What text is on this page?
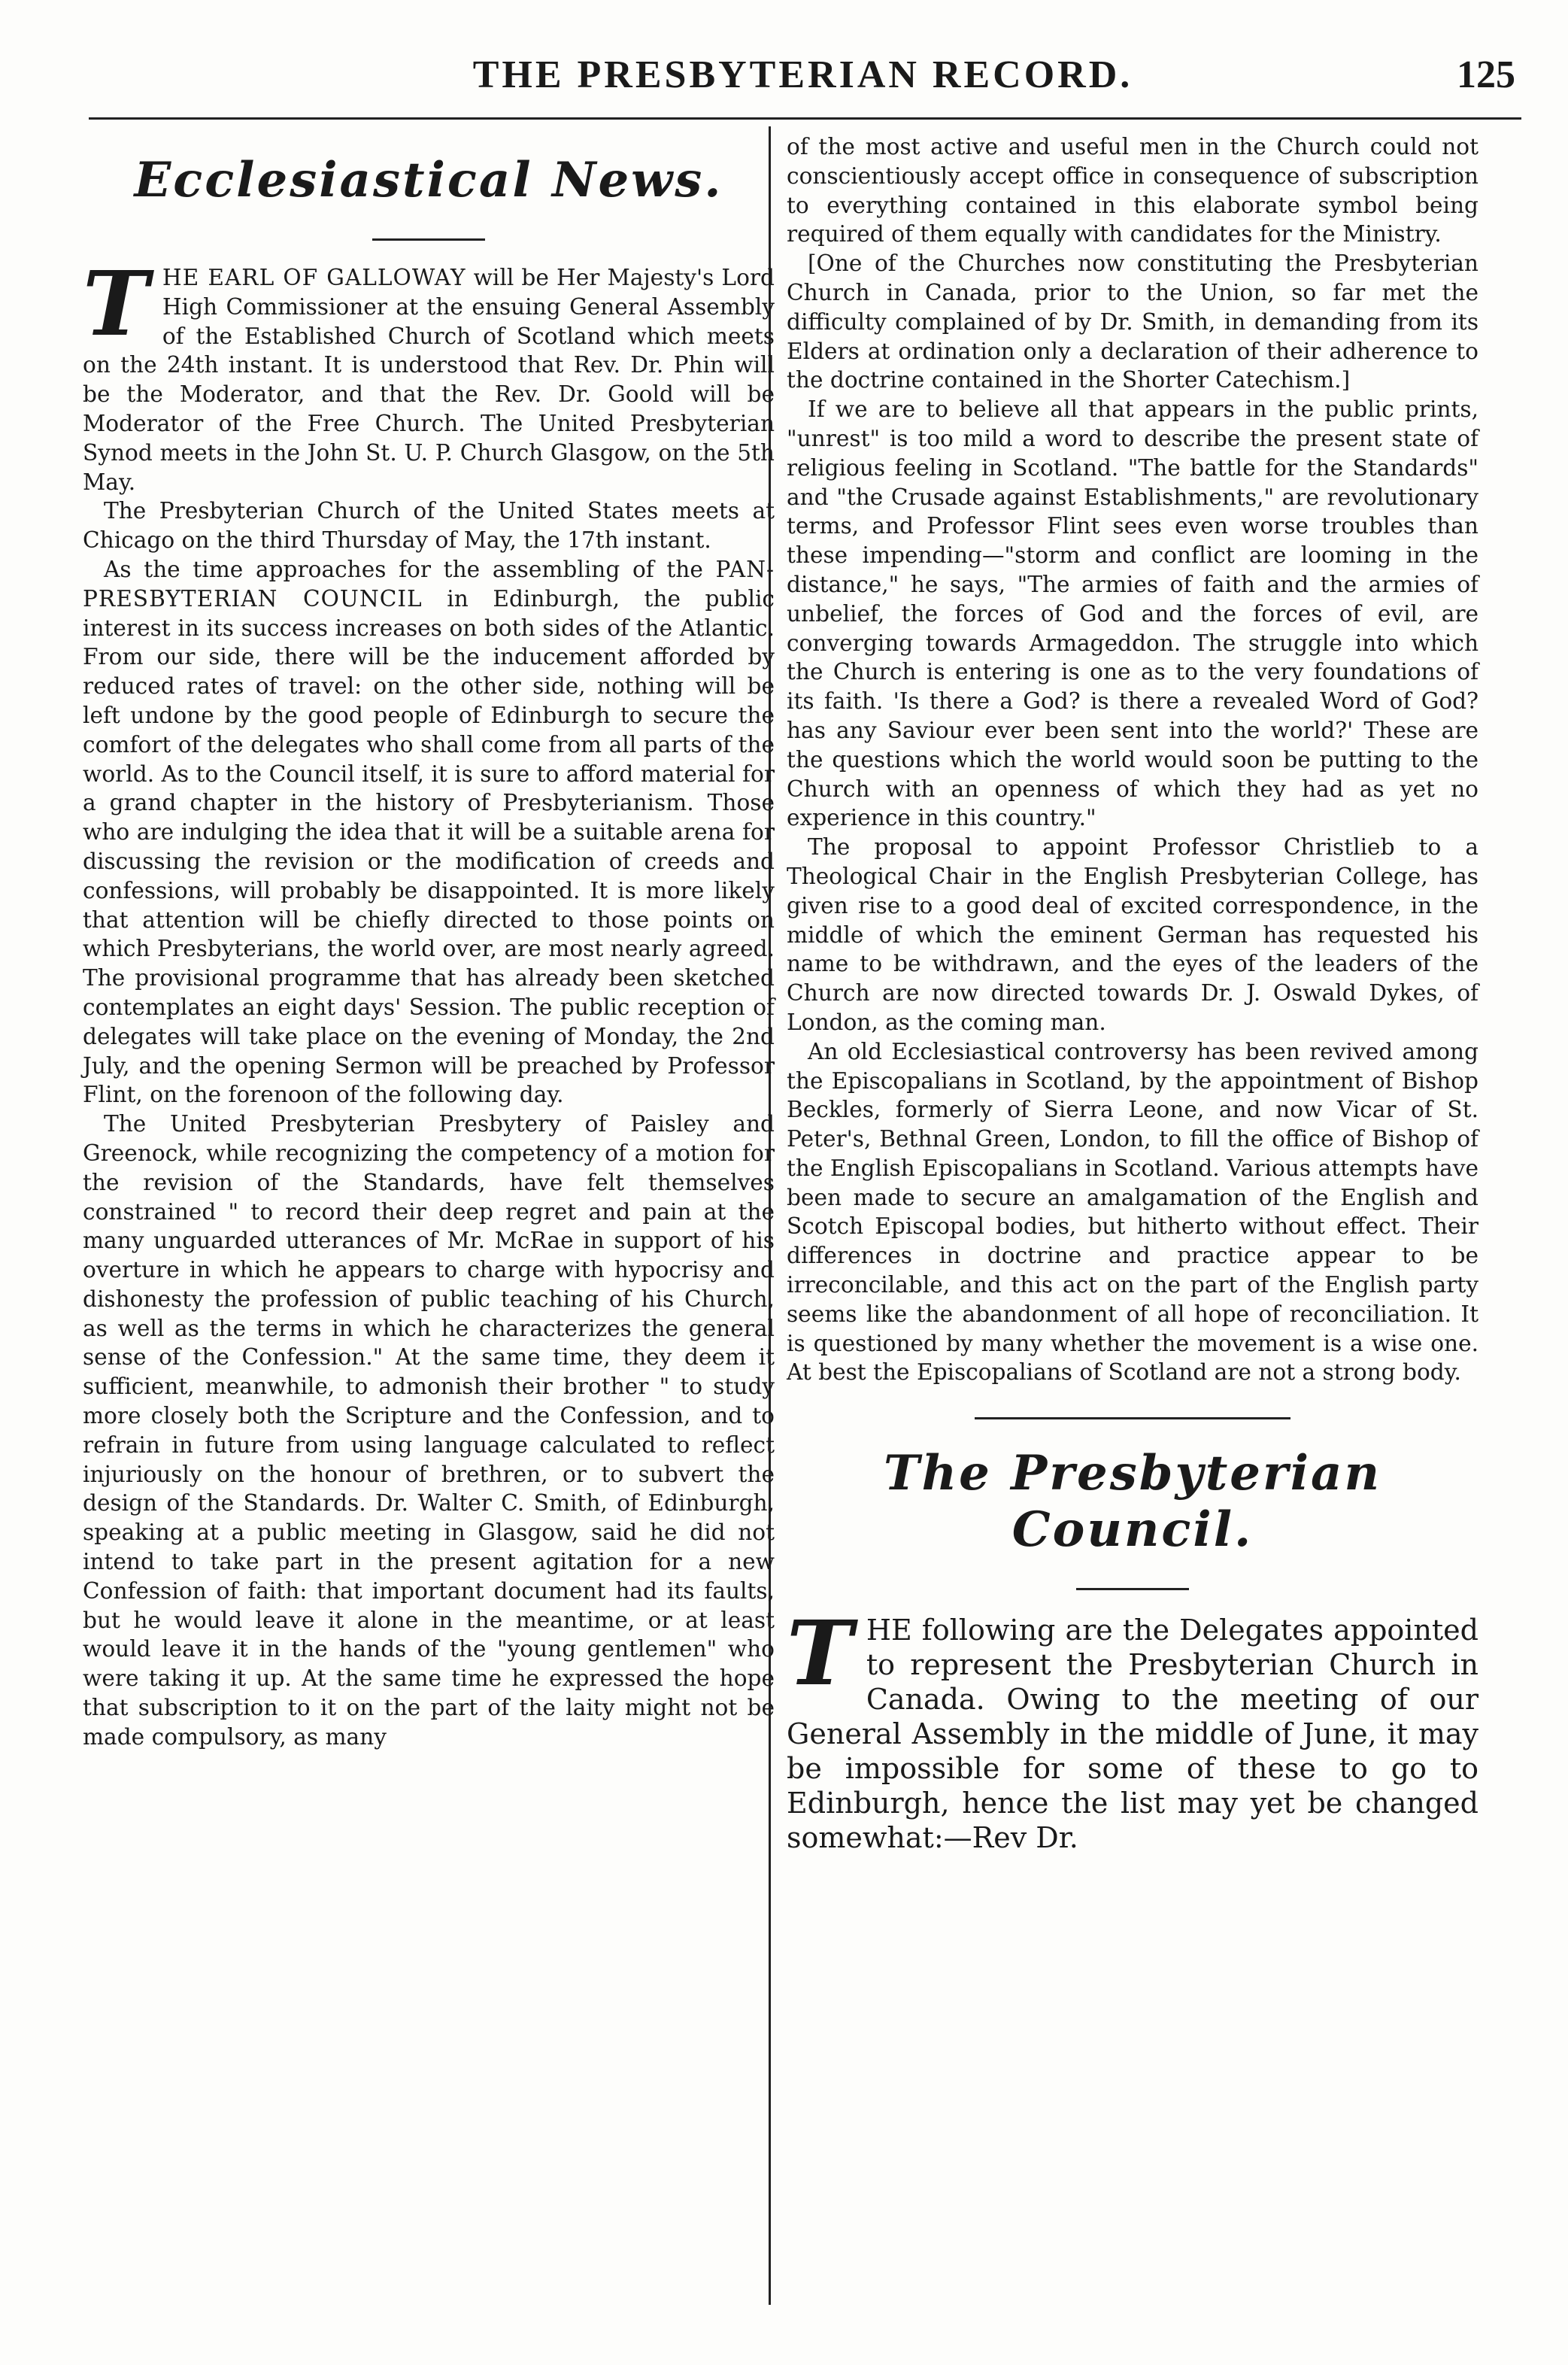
THE PRESBYTERIAN RECORD.	125
Ecclesiastical News.

THE EARL OF GALLOWAY will be Her Majesty's Lord High Commissioner at the ensuing General Assembly of the Established Church of Scotland which meets on the 24th instant. It is understood that Rev. Dr. Phin will be the Moderator, and that the Rev. Dr. Goold will be Moderator of the Free Church. The United Presbyterian Synod meets in the John St. U. P. Church Glasgow, on the 5th May.

The Presbyterian Church of the United States meets at Chicago on the third Thursday of May, the 17th instant.

As the time approaches for the assembling of the PAN-PRESBYTERIAN COUNCIL in Edinburgh, the public interest in its success increases on both sides of the Atlantic. From our side, there will be the inducement afforded by reduced rates of travel: on the other side, nothing will be left undone by the good people of Edinburgh to secure the comfort of the delegates who shall come from all parts of the world. As to the Council itself, it is sure to afford material for a grand chapter in the history of Presbyterianism. Those who are indulging the idea that it will be a suitable arena for discussing the revision or the modification of creeds and confessions, will probably be disappointed. It is more likely that attention will be chiefly directed to those points on which Presbyterians, the world over, are most nearly agreed. The provisional programme that has already been sketched contemplates an eight days' Session. The public reception of delegates will take place on the evening of Monday, the 2nd July, and the opening Sermon will be preached by Professor Flint, on the forenoon of the following day.

The United Presbyterian Presbytery of Paisley and Greenock, while recognizing the competency of a motion for the revision of the Standards, have felt themselves constrained " to record their deep regret and pain at the many unguarded utterances of Mr. McRae in support of his overture in which he appears to charge with hypocrisy and dishonesty the profession of public teaching of his Church, as well as the terms in which he characterizes the general sense of the Confession." At the same time, they deem it sufficient, meanwhile, to admonish their brother " to study more closely both the Scripture and the Confession, and to refrain in future from using language calculated to reflect injuriously on the honour of brethren, or to subvert the design of the Standards. Dr. Walter C. Smith, of Edinburgh, speaking at a public meeting in Glasgow, said he did not intend to take part in the present agitation for a new Confession of faith: that important document had its faults, but he would leave it alone in the meantime, or at least would leave it in the hands of the "young gentlemen" who were taking it up. At the same time he expressed the hope that subscription to it on the part of the laity might not be made compulsory, as many

of the most active and useful men in the Church could not conscientiously accept office in consequence of subscription to everything contained in this elaborate symbol being required of them equally with candidates for the Ministry.

[One of the Churches now constituting the Presbyterian Church in Canada, prior to the Union, so far met the difficulty complained of by Dr. Smith, in demanding from its Elders at ordination only a declaration of their adherence to the doctrine contained in the Shorter Catechism.]

If we are to believe all that appears in the public prints, "unrest" is too mild a word to describe the present state of religious feeling in Scotland. "The battle for the Standards" and "the Crusade against Establishments," are revolutionary terms, and Professor Flint sees even worse troubles than these impending—"storm and conflict are looming in the distance," he says, "The armies of faith and the armies of unbelief, the forces of God and the forces of evil, are converging towards Armageddon. The struggle into which the Church is entering is one as to the very foundations of its faith. 'Is there a God? is there a revealed Word of God? has any Saviour ever been sent into the world?' These are the questions which the world would soon be putting to the Church with an openness of which they had as yet no experience in this country."

The proposal to appoint Professor Christlieb to a Theological Chair in the English Presbyterian College, has given rise to a good deal of excited correspondence, in the middle of which the eminent German has requested his name to be withdrawn, and the eyes of the leaders of the Church are now directed towards Dr. J. Oswald Dykes, of London, as the coming man.

An old Ecclesiastical controversy has been revived among the Episcopalians in Scotland, by the appointment of Bishop Beckles, formerly of Sierra Leone, and now Vicar of St. Peter's, Bethnal Green, London, to fill the office of Bishop of the English Episcopalians in Scotland. Various attempts have been made to secure an amalgamation of the English and Scotch Episcopal bodies, but hitherto without effect. Their differences in doctrine and practice appear to be irreconcilable, and this act on the part of the English party seems like the abandonment of all hope of reconciliation. It is questioned by many whether the movement is a wise one. At best the Episcopalians of Scotland are not a strong body.

The Presbyterian Council.

THE following are the Delegates appointed to represent the Presbyterian Church in Canada. Owing to the meeting of our General Assembly in the middle of June, it may be impossible for some of these to go to Edinburgh, hence the list may yet be changed somewhat:—Rev Dr.
